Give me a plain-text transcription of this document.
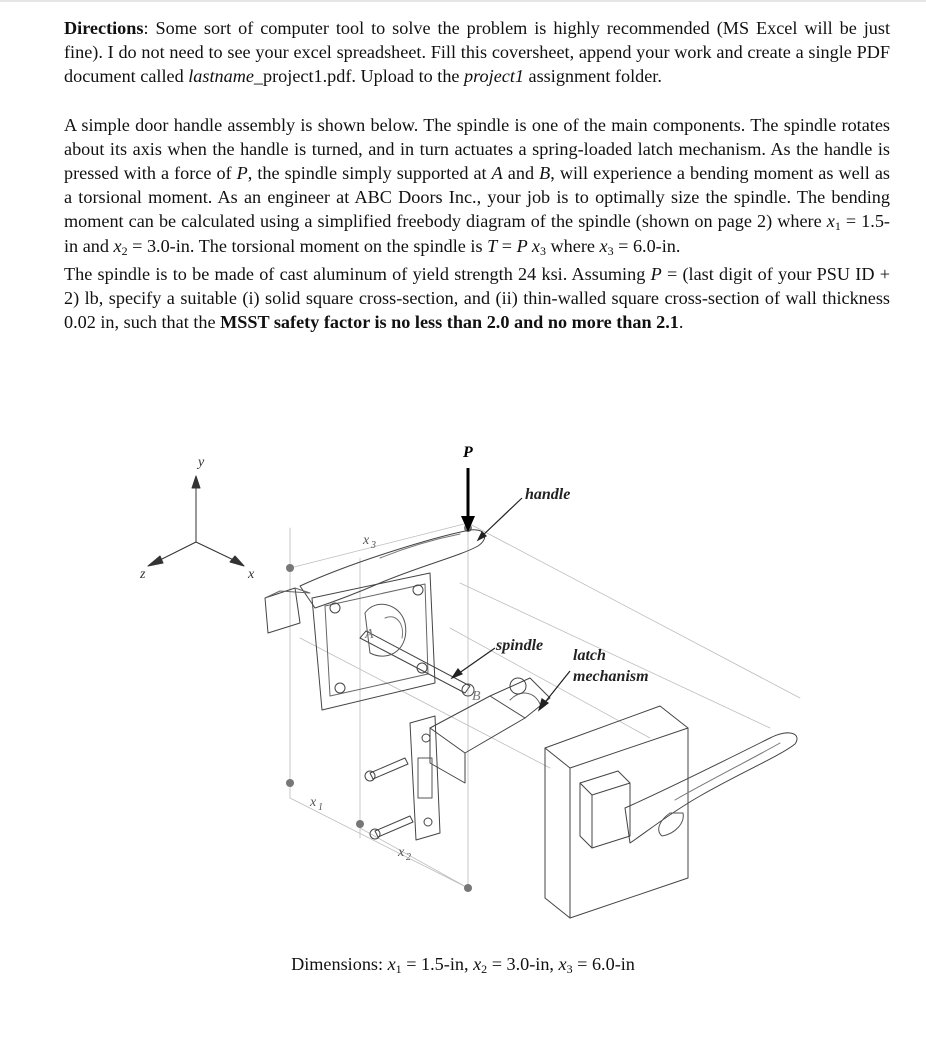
Directions: Some sort of computer tool to solve the problem is highly recommended (MS Excel will be just fine). I do not need to see your excel spreadsheet. Fill this coversheet, append your work and create a single PDF document called lastname_project1.pdf. Upload to the project1 assignment folder.

A simple door handle assembly is shown below. The spindle is one of the main components. The spindle rotates about its axis when the handle is turned, and in turn actuates a spring-loaded latch mechanism. As the handle is pressed with a force of P, the spindle simply supported at A and B, will experience a bending moment as well as a torsional moment. As an engineer at ABC Doors Inc., your job is to optimally size the spindle. The bending moment can be calculated using a simplified freebody diagram of the spindle (shown on page 2) where $x_1 = 1.5-in$ and $x_2 = 3.0-in$. The torsional moment on the spindle is T = P $x_3$ where $x_3 = 6.0-in$.

The spindle is to be made of cast aluminum of yield strength 24 ksi. Assuming P = (last digit of your PSU ID + 2) lb, specify a suitable (i) solid square cross-section, and (ii) thin-walled square cross-section of wall thickness 0.02 in, such that the MSST safety factor is no less than 2.0 and no more than 2.1.

P
handle
spindle
latch
mechanism
y
z	x
A
B
x 1
x 2
x 3
Dimensions: $x_1 = 1.5-in$, $x_2 = 3.0-in$, $x_3 = 6.0-in$
